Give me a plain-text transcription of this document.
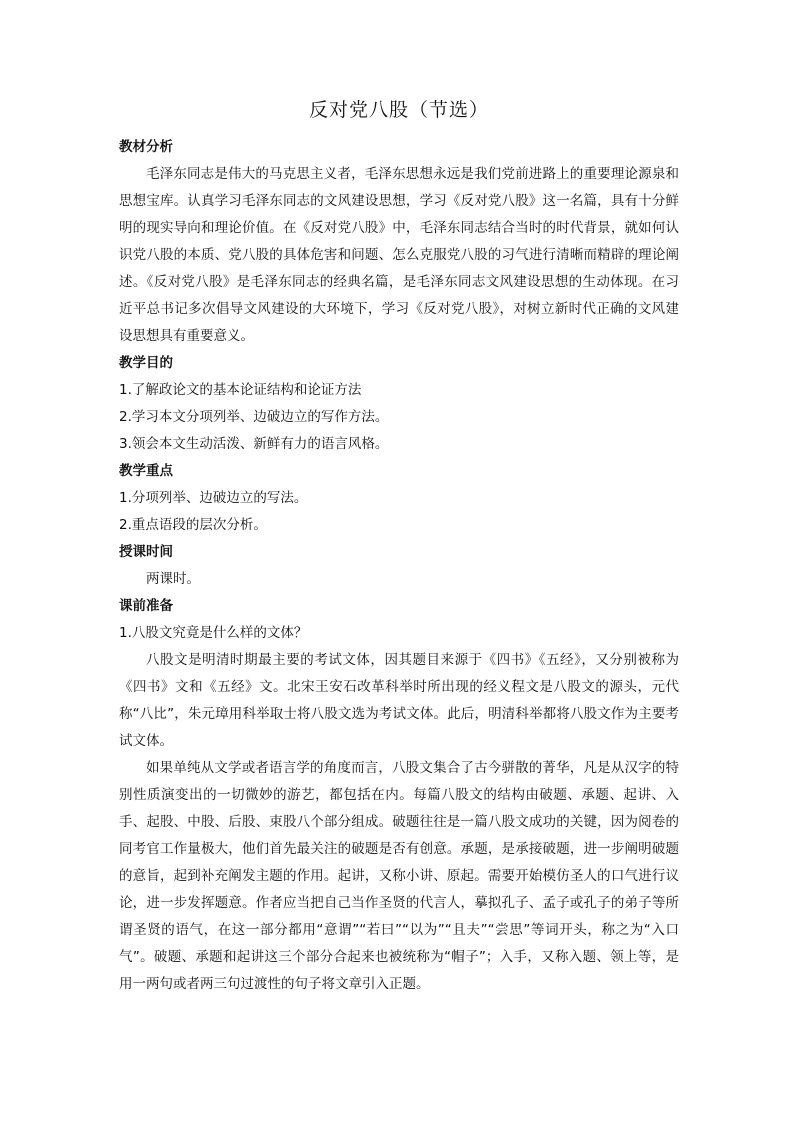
反对党八股（节选）
教材分析

毛泽东同志是伟大的马克思主义者，毛泽东思想永远是我们党前进路上的重要理论源泉和思想宝库。认真学习毛泽东同志的文风建设思想，学习《反对党八股》这一名篇，具有十分鲜明的现实导向和理论价值。在《反对党八股》中，毛泽东同志结合当时的时代背景，就如何认识党八股的本质、党八股的具体危害和问题、怎么克服党八股的习气进行清晰而精辟的理论阐述。《反对党八股》是毛泽东同志的经典名篇，是毛泽东同志文风建设思想的生动体现。在习近平总书记多次倡导文风建设的大环境下，学习《反对党八股》，对树立新时代正确的文风建设思想具有重要意义。

教学目的

1.了解政论文的基本论证结构和论证方法

2.学习本文分项列举、边破边立的写作方法。

3.领会本文生动活泼、新鲜有力的语言风格。

教学重点

1.分项列举、边破边立的写法。

2.重点语段的层次分析。

授课时间

两课时。

课前准备

1.八股文究竟是什么样的文体？

八股文是明清时期最主要的考试文体，因其题目来源于《四书》《五经》，又分别被称为《四书》文和《五经》文。北宋王安石改革科举时所出现的经义程文是八股文的源头，元代称“八比”，朱元璋用科举取士将八股文选为考试文体。此后，明清科举都将八股文作为主要考试文体。

如果单纯从文学或者语言学的角度而言，八股文集合了古今骈散的菁华，凡是从汉字的特别性质演变出的一切微妙的游艺，都包括在内。每篇八股文的结构由破题、承题、起讲、入手、起股、中股、后股、束股八个部分组成。破题往往是一篇八股文成功的关键，因为阅卷的同考官工作量极大，他们首先最关注的破题是否有创意。承题，是承接破题，进一步阐明破题的意旨，起到补充阐发主题的作用。起讲，又称小讲、原起。需要开始模仿圣人的口气进行议论，进一步发挥题意。作者应当把自己当作圣贤的代言人，摹拟孔子、孟子或孔子的弟子等所谓圣贤的语气，在这一部分都用“意谓”“若曰”“以为”“且夫”“尝思”等词开头，称之为“入口气”。破题、承题和起讲这三个部分合起来也被统称为“帽子”；入手，又称入题、领上等，是用一两句或者两三句过渡性的句子将文章引入正题。
